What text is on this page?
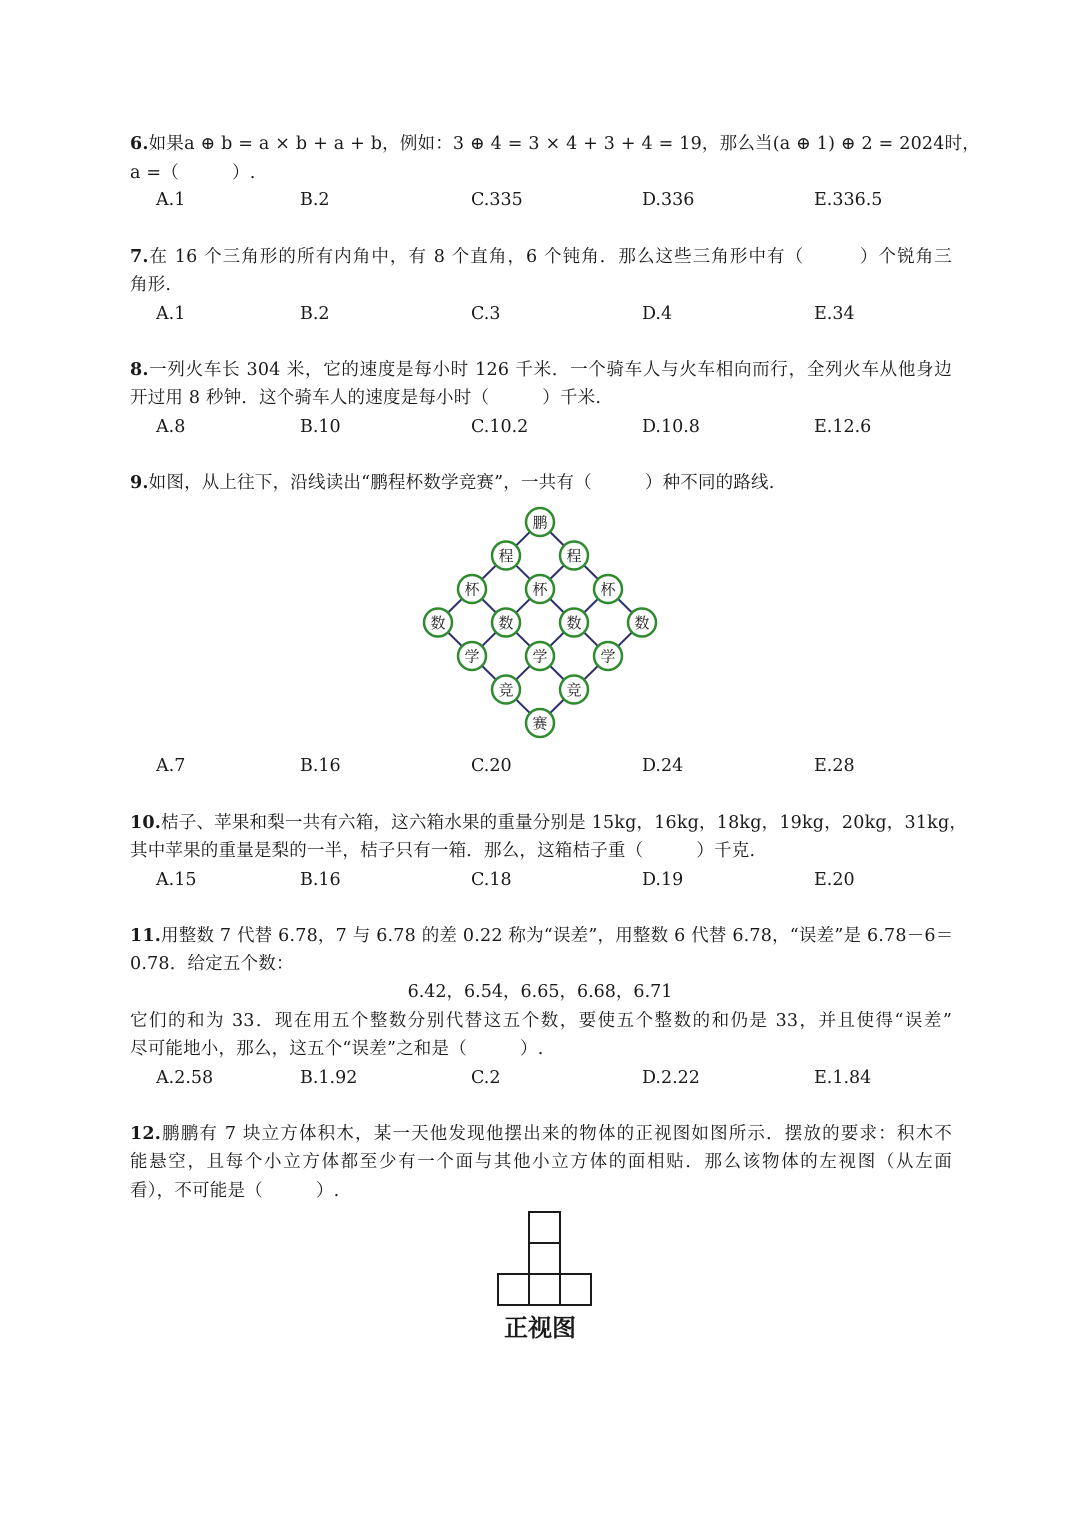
6.如果a ⊕ b = a × b + a + b，例如：3 ⊕ 4 = 3 × 4 + 3 + 4 = 19，那么当(a ⊕ 1) ⊕ 2 = 2024时，
a =（　　　）.
A.1	B.2	C.335	D.336	E.336.5
7.在 16 个三角形的所有内角中，有 8 个直角，6 个钝角．那么这些三角形中有（　　　）个锐角三
角形.
A.1	B.2	C.3	D.4	E.34
8.一列火车长 304 米，它的速度是每小时 126 千米．一个骑车人与火车相向而行，全列火车从他身边
开过用 8 秒钟．这个骑车人的速度是每小时（　　　）千米.
A.8	B.10	C.10.2	D.10.8	E.12.6
9.如图，从上往下，沿线读出“鹏程杯数学竞赛”，一共有（　　　）种不同的路线.
鹏
程	程
杯	杯	杯
数	数	数	数
学	学	学
竞	竞
赛
A.7	B.16	C.20	D.24	E.28
10.桔子、苹果和梨一共有六箱，这六箱水果的重量分别是 15kg，16kg，18kg，19kg，20kg，31kg，
其中苹果的重量是梨的一半，桔子只有一箱．那么，这箱桔子重（　　　）千克.
A.15	B.16	C.18	D.19	E.20
11.用整数 7 代替 6.78，7 与 6.78 的差 0.22 称为“误差”，用整数 6 代替 6.78，“误差”是 6.78－6＝
0.78．给定五个数：
6.42，6.54，6.65，6.68，6.71
它们的和为 33．现在用五个整数分别代替这五个数，要使五个整数的和仍是 33，并且使得“误差”
尽可能地小，那么，这五个“误差”之和是（　　　）.
A.2.58	B.1.92	C.2	D.2.22	E.1.84
12.鹏鹏有 7 块立方体积木，某一天他发现他摆出来的物体的正视图如图所示．摆放的要求：积木不
能悬空，且每个小立方体都至少有一个面与其他小立方体的面相贴．那么该物体的左视图（从左面
看），不可能是（　　　）.
正视图
